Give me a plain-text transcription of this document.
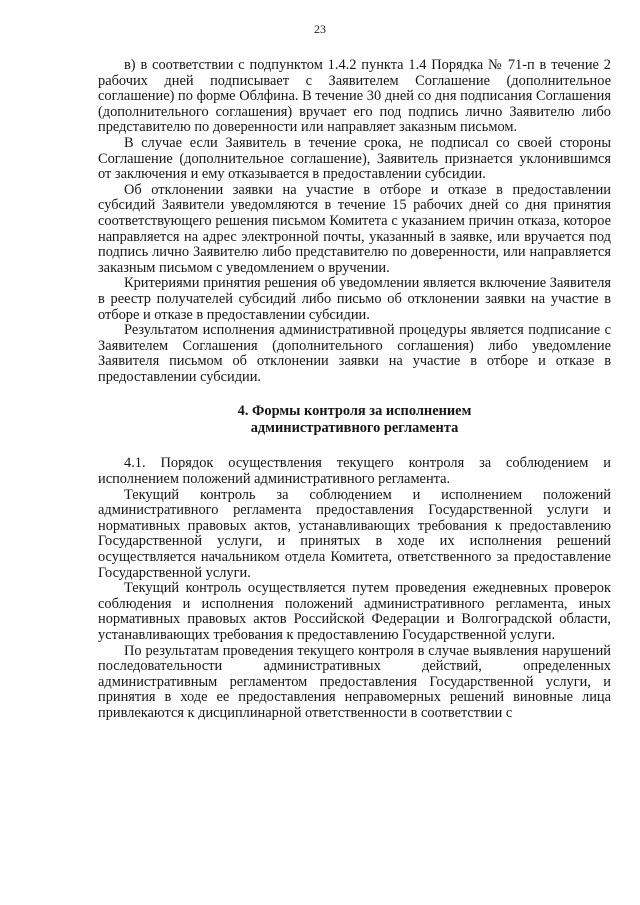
23

в) в соответствии с подпунктом 1.4.2 пункта 1.4 Порядка № 71-п в течение 2 рабочих дней подписывает с Заявителем Соглашение (дополнительное соглашение) по форме Облфина. В течение 30 дней со дня подписания Соглашения (дополнительного соглашения) вручает его под подпись лично Заявителю либо представителю по доверенности или направляет заказным письмом.

В случае если Заявитель в течение срока, не подписал со своей стороны Соглашение (дополнительное соглашение), Заявитель признается уклонившимся от заключения и ему отказывается в предоставлении субсидии.

Об отклонении заявки на участие в отборе и отказе в предоставлении субсидий Заявители уведомляются в течение 15 рабочих дней со дня принятия соответствующего решения письмом Комитета с указанием причин отказа, которое направляется на адрес электронной почты, указанный в заявке, или вручается под подпись лично Заявителю либо представителю по доверенности, или направляется заказным письмом с уведомлением о вручении.

Критериями принятия решения об уведомлении является включение Заявителя в реестр получателей субсидий либо письмо об отклонении заявки на участие в отборе и отказе в предоставлении субсидии.

Результатом исполнения административной процедуры является подписание с Заявителем Соглашения (дополнительного соглашения) либо уведомление Заявителя письмом об отклонении заявки на участие в отборе и отказе в предоставлении субсидии.

4. Формы контроля за исполнением

административного регламента

4.1. Порядок осуществления текущего контроля за соблюдением и исполнением положений административного регламента.

Текущий контроль за соблюдением и исполнением положений административного регламента предоставления Государственной услуги и нормативных правовых актов, устанавливающих требования к предоставлению Государственной услуги, и принятых в ходе их исполнения решений осуществляется начальником отдела Комитета, ответственного за предоставление Государственной услуги.

Текущий контроль осуществляется путем проведения ежедневных проверок соблюдения и исполнения положений административного регламента, иных нормативных правовых актов Российской Федерации и Волгоградской области, устанавливающих требования к предоставлению Государственной услуги.

По результатам проведения текущего контроля в случае выявления нарушений последовательности административных действий, определенных административным регламентом предоставления Государственной услуги, и принятия в ходе ее предоставления неправомерных решений виновные лица привлекаются к дисциплинарной ответственности в соответствии с
